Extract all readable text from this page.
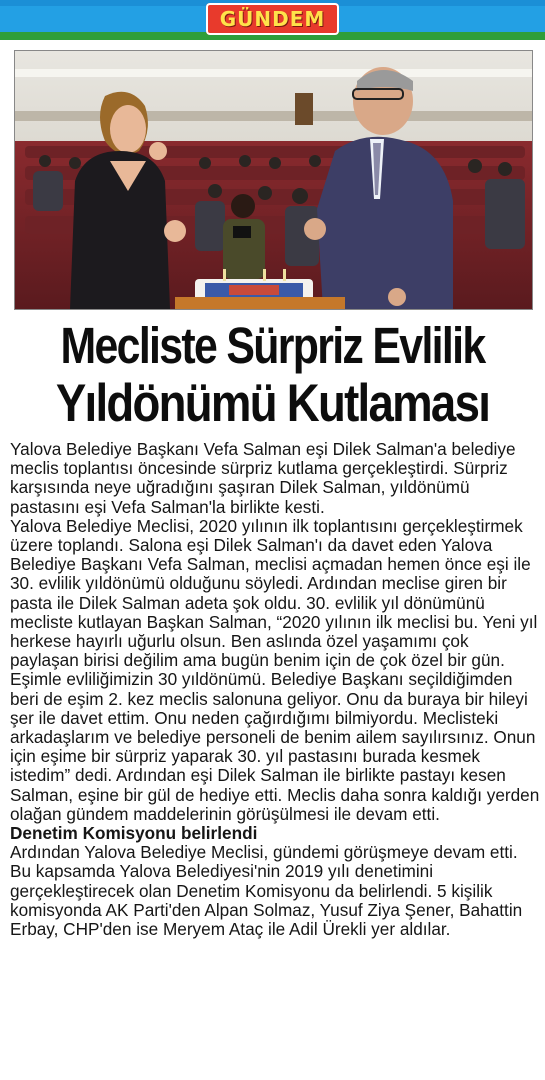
GÜNDEM
Mecliste Sürpriz Evlilik
Yıldönümü Kutlaması

Yalova Belediye Başkanı Vefa Salman eşi Dilek Salman'a belediye meclis toplantısı öncesinde sürpriz kutlama gerçekleştirdi. Sürpriz karşısında neye uğradığını şaşıran Dilek Salman, yıldönümü pastasını eşi Vefa Salman'la birlikte kesti.

Yalova Belediye Meclisi, 2020 yılının ilk toplantısını gerçekleştirmek üzere toplandı. Salona eşi Dilek Salman'ı da davet eden Yalova Belediye Başkanı Vefa Salman, meclisi açmadan hemen önce eşi ile 30. evlilik yıldönümü olduğunu söyledi. Ardından meclise giren bir pasta ile Dilek Salman adeta şok oldu. 30. evlilik yıl dönümünü mecliste kutlayan Başkan Salman, “2020 yılının ilk meclisi bu. Yeni yıl herkese hayırlı uğurlu olsun. Ben aslında özel yaşamımı çok paylaşan birisi değilim ama bugün benim için de çok özel bir gün. Eşimle evliliğimizin 30 yıldönümü. Belediye Başkanı seçildiğimden beri de eşim 2. kez meclis salonuna geliyor. Onu da buraya bir hileyi şer ile davet ettim. Onu neden çağırdığımı bilmiyordu. Meclisteki arkadaşlarım ve belediye personeli de benim ailem sayılırsınız. Onun için eşime bir sürpriz yaparak 30. yıl pastasını burada kesmek istedim” dedi. Ardından eşi Dilek Salman ile birlikte pastayı kesen Salman, eşine bir gül de hediye etti. Meclis daha sonra kaldığı yerden olağan gündem maddelerinin görüşülmesi ile devam etti.

Denetim Komisyonu belirlendi

Ardından Yalova Belediye Meclisi, gündemi görüşmeye devam etti. Bu kapsamda Yalova Belediyesi'nin 2019 yılı denetimini gerçekleştirecek olan Denetim Komisyonu da belirlendi. 5 kişilik komisyonda AK Parti'den Alpan Solmaz, Yusuf Ziya Şener, Bahattin Erbay, CHP'den ise Meryem Ataç ile Adil Ürekli yer aldılar.
